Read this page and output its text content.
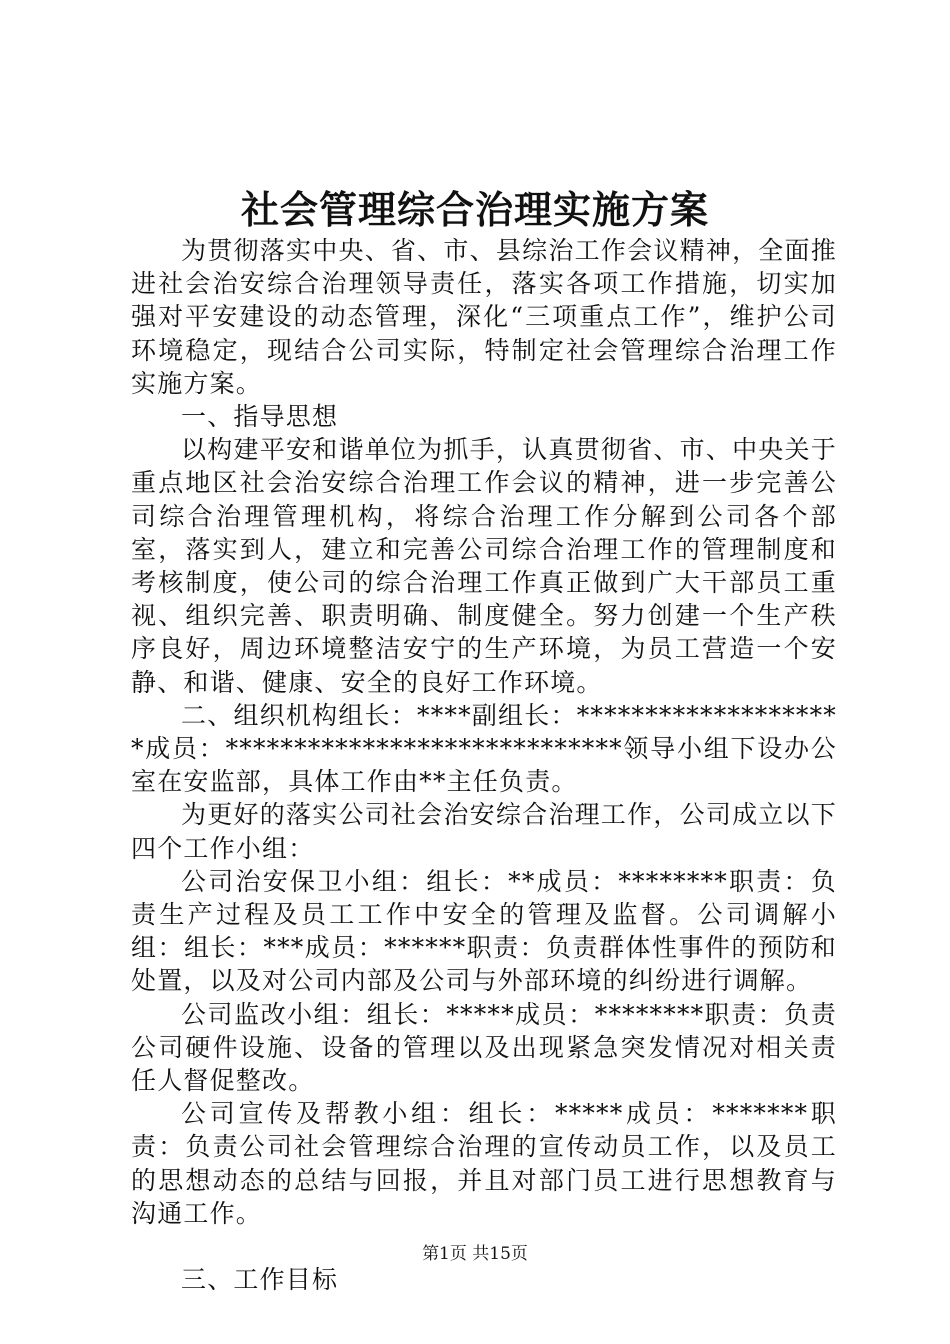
社会管理综合治理实施方案

为贯彻落实中央、省、市、县综治工作会议精神，全面推进社会治安综合治理领导责任，落实各项工作措施，切实加强对平安建设的动态管理，深化“三项重点工作”，维护公司环境稳定，现结合公司实际，特制定社会管理综合治理工作实施方案。

一、指导思想

以构建平安和谐单位为抓手，认真贯彻省、市、中央关于重点地区社会治安综合治理工作会议的精神，进一步完善公司综合治理管理机构，将综合治理工作分解到公司各个部室，落实到人，建立和完善公司综合治理工作的管理制度和考核制度，使公司的综合治理工作真正做到广大干部员工重视、组织完善、职责明确、制度健全。努力创建一个生产秩序良好，周边环境整洁安宁的生产环境，为员工营造一个安静、和谐、健康、安全的良好工作环境。

二、组织机构组长：****副组长：********************成员：*****************************领导小组下设办公室在安监部，具体工作由**主任负责。

为更好的落实公司社会治安综合治理工作，公司成立以下四个工作小组：

公司治安保卫小组：组长：**成员：********职责：负责生产过程及员工工作中安全的管理及监督。公司调解小组：组长：***成员：******职责：负责群体性事件的预防和处置，以及对公司内部及公司与外部环境的纠纷进行调解。

公司监改小组：组长：*****成员：********职责：负责公司硬件设施、设备的管理以及出现紧急突发情况对相关责任人督促整改。

公司宣传及帮教小组：组长：*****成员：*******职责：负责公司社会管理综合治理的宣传动员工作，以及员工的思想动态的总结与回报，并且对部门员工进行思想教育与沟通工作。

三、工作目标

第1页 共15页
